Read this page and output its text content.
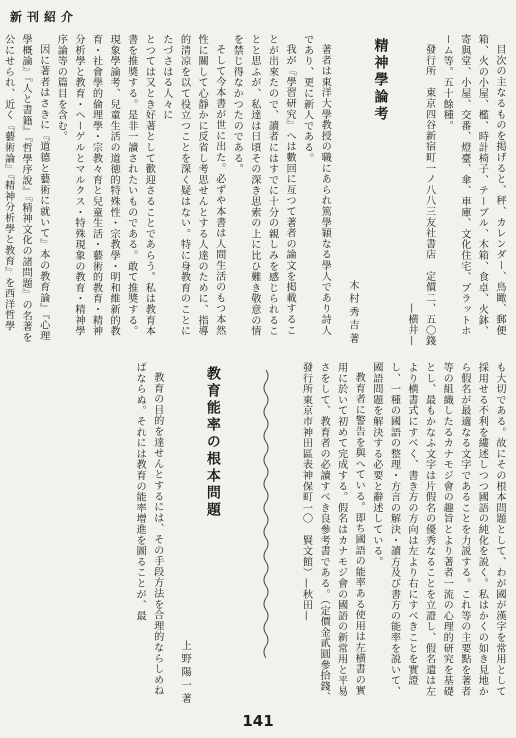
新刊紹介

目次の主なるものを掲げると、秤、カレンダー、鳥瞰、郵便箱、火の小屋、檻、時計椅子、テーブル、木箱、食卓、火鉢、寄與堂、小屋、交番、燈臺、傘、車庫、文化住宅、プラットホーム等。五十餘種。

發行所　東京四谷新宿町一ノ八八三友社書店　定價二、五〇錢　—横井—

精神學論考
木村秀吉著

著者は東洋大學教授の職にあられ篤學穎なる學人であり詩人であり、更に新人である。

我が『學習研究』へは數回に亙つて著者の論文を掲載することが出來たので、讀者にはすでに十分の親しみを感じられることと思ふが、私達は日頃その深き思索の上に比ひ難き敬意の情を禁じ得なかつたのである。

そして今本書が世に出た。必ずや本書は人間生活のもつ本然性に關して心靜かに反省し考思せんとする人達のために、指導的清凉を以て役立つことを深く疑はない。特に身教育のことにたづさはる人々に

とつては又とき好著として歡迎さることであらう。私は教育本書を推奬する。是非一讀されたいものである。敢て推奬する。現象學論考、兒童生活の道徳的特殊性・宗教學・明和維新的教育・社會學的倫理學・宗教々育と兒童生活・藝術的教育・精神分析學と教育・ヘーゲルとマルクス・特殊現象の教育・精神學序論等の篇目を含む。

因に著者はさきに『道德と藝術に就いて』本の教育論』『心理學概論』『人と書籍』『哲學序說』『精神文化の諸問題』の名著を公にせられ、近く『藝術論』『精神分析學と教育』を西洋哲學

も大切である。故にその根本問題として、わが國が漢字を常用として採用せる不利を縷述しつつ國語の純化を説く。私はかくの如き見地から假名が最適なる文字であることを力説する。これ等の主要點を著者等の組織したるカナモジ會の趣旨とより著者一流の心理的研究を基礎とし、最もかなふ文字は片假名の優秀なることを立證し、假名遣は左より横書式にすべく、書き方の方向は左より右にすべきことを實證し、一種の國語の整理・方言の解決・讀方及び書方の能率を説いて、國語問題を解決する必要と辭述している。

教育者に警告を與へている。即ち國語の能率ある使用は左横書の實用に於いて初めて完成する。假名はカナモジ會の國語の新常用と平易さをして、教育者の必讀すべき良參考書である。（定價金貳圓參拾錢、發行所東京市神田區表神保町一〇　賢文館）—秋田—

教育能率の根本問題
上野陽一著

教育の目的を達せんとするには、その手段方法を合理的ならしめねばならぬ。それには教育の能率增進を圖ることが、最

141
